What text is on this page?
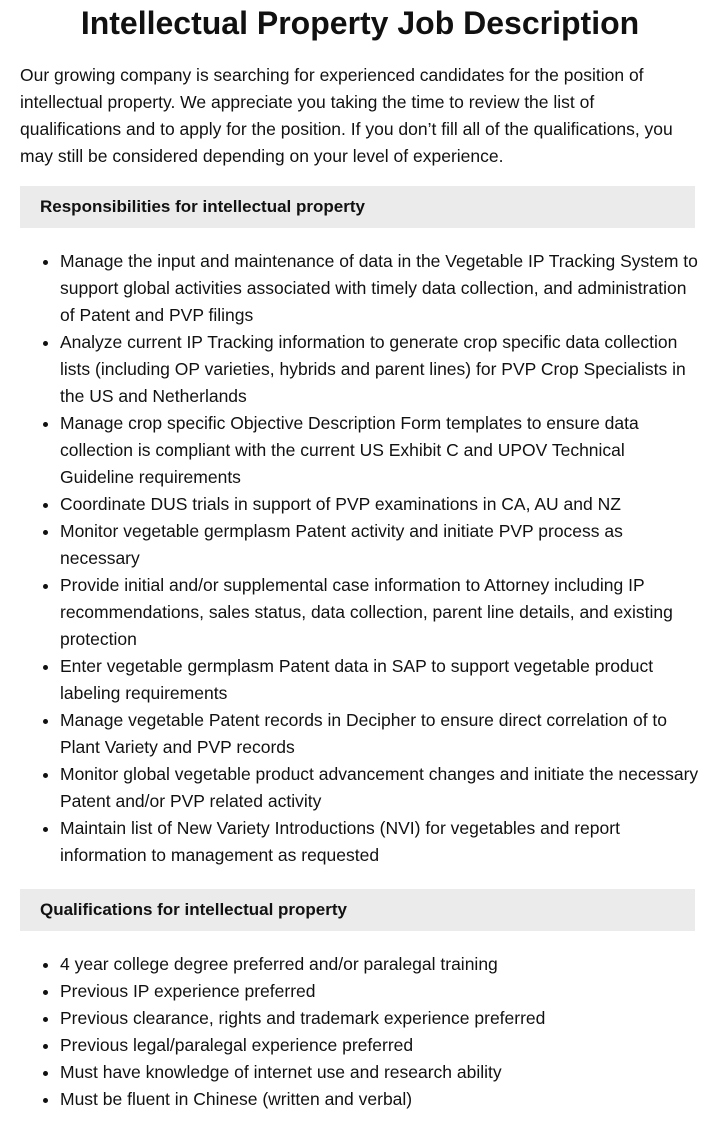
Intellectual Property Job Description

Our growing company is searching for experienced candidates for the position of intellectual property. We appreciate you taking the time to review the list of qualifications and to apply for the position. If you don’t fill all of the qualifications, you may still be considered depending on your level of experience.

Responsibilities for intellectual property
• Manage the input and maintenance of data in the Vegetable IP Tracking System to support global activities associated with timely data collection, and administration of Patent and PVP filings
• Analyze current IP Tracking information to generate crop specific data collection lists (including OP varieties, hybrids and parent lines) for PVP Crop Specialists in the US and Netherlands
• Manage crop specific Objective Description Form templates to ensure data collection is compliant with the current US Exhibit C and UPOV Technical Guideline requirements
• Coordinate DUS trials in support of PVP examinations in CA, AU and NZ
• Monitor vegetable germplasm Patent activity and initiate PVP process as necessary
• Provide initial and/or supplemental case information to Attorney including IP recommendations, sales status, data collection, parent line details, and existing protection
• Enter vegetable germplasm Patent data in SAP to support vegetable product labeling requirements
• Manage vegetable Patent records in Decipher to ensure direct correlation of to Plant Variety and PVP records
• Monitor global vegetable product advancement changes and initiate the necessary Patent and/or PVP related activity
• Maintain list of New Variety Introductions (NVI) for vegetables and report information to management as requested
Qualifications for intellectual property
• 4 year college degree preferred and/or paralegal training
• Previous IP experience preferred
• Previous clearance, rights and trademark experience preferred
• Previous legal/paralegal experience preferred
• Must have knowledge of internet use and research ability
• Must be fluent in Chinese (written and verbal)
